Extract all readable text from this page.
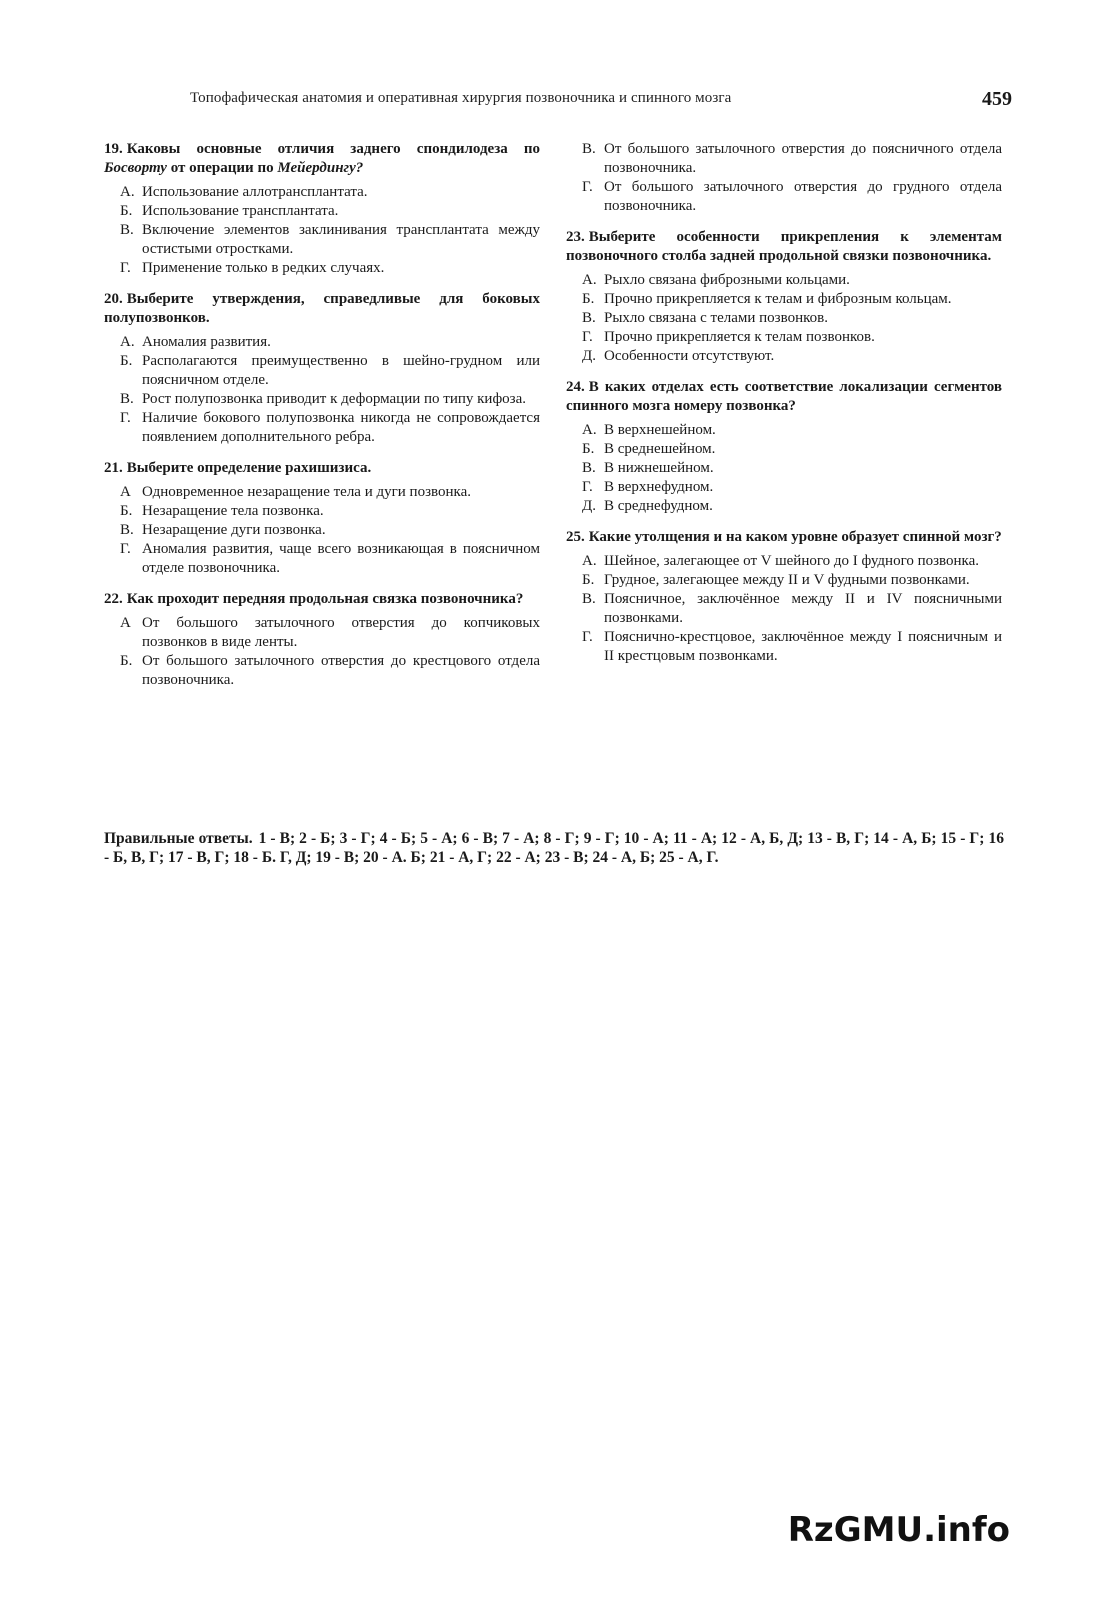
Топофафическая анатомия и оперативная хирургия позвоночника и спинного мозга	459
19. Каковы основные отличия заднего спондилодеза по Босворту от операции по Мейердингу?
А. Использование аллотрансплантата.
Б. Использование трансплантата.
В. Включение элементов заклинивания трансплантата между остистыми отростками.
Г. Применение только в редких случаях.
20. Выберите утверждения, справедливые для боковых полупозвонков.
А. Аномалия развития.
Б. Располагаются преимущественно в шейно-грудном или поясничном отделе.
В. Рост полупозвонка приводит к деформации по типу кифоза.
Г. Наличие бокового полупозвонка никогда не сопровождается появлением дополнительного ребра.
21. Выберите определение рахишизиса.
А Одновременное незаращение тела и дуги позвонка.
Б. Незаращение тела позвонка.
В. Незаращение дуги позвонка.
Г. Аномалия развития, чаще всего возникающая в поясничном отделе позвоночника.
22. Как проходит передняя продольная связка позвоночника?
А От большого затылочного отверстия до копчиковых позвонков в виде ленты.
Б. От большого затылочного отверстия до крестцового отдела позвоночника.
В. От большого затылочного отверстия до поясничного отдела позвоночника.
Г. От большого затылочного отверстия до грудного отдела позвоночника.
23. Выберите особенности прикрепления к элементам позвоночного столба задней продольной связки позвоночника.
А. Рыхло связана фиброзными кольцами.
Б. Прочно прикрепляется к телам и фиброзным кольцам.
В. Рыхло связана с телами позвонков.
Г. Прочно прикрепляется к телам позвонков.
Д. Особенности отсутствуют.
24. В каких отделах есть соответствие локализации сегментов спинного мозга номеру позвонка?
А. В верхнешейном.
Б. В среднешейном.
В. В нижнешейном.
Г. В верхнефудном.
Д. В среднефудном.
25. Какие утолщения и на каком уровне образует спинной мозг?
А. Шейное, залегающее от V шейного до I фудного позвонка.
Б. Грудное, залегающее между II и V фудными позвонками.
В. Поясничное, заключённое между II и IV поясничными позвонками.
Г. Пояснично-крестцовое, заключённое между I поясничным и II крестцовым позвонками.
Правильные ответы. 1 - В; 2 - Б; 3 - Г; 4 - Б; 5 - А; 6 - В; 7 - А; 8 - Г; 9 - Г; 10 - А; 11 - А; 12 - А, Б, Д; 13 - В, Г; 14 - А, Б; 15 - Г; 16 - Б, В, Г; 17 - В, Г; 18 - Б. Г, Д; 19 - В; 20 - А. Б; 21 - А, Г; 22 - А; 23 - В; 24 - А, Б; 25 - А, Г.
RzGMU.info
